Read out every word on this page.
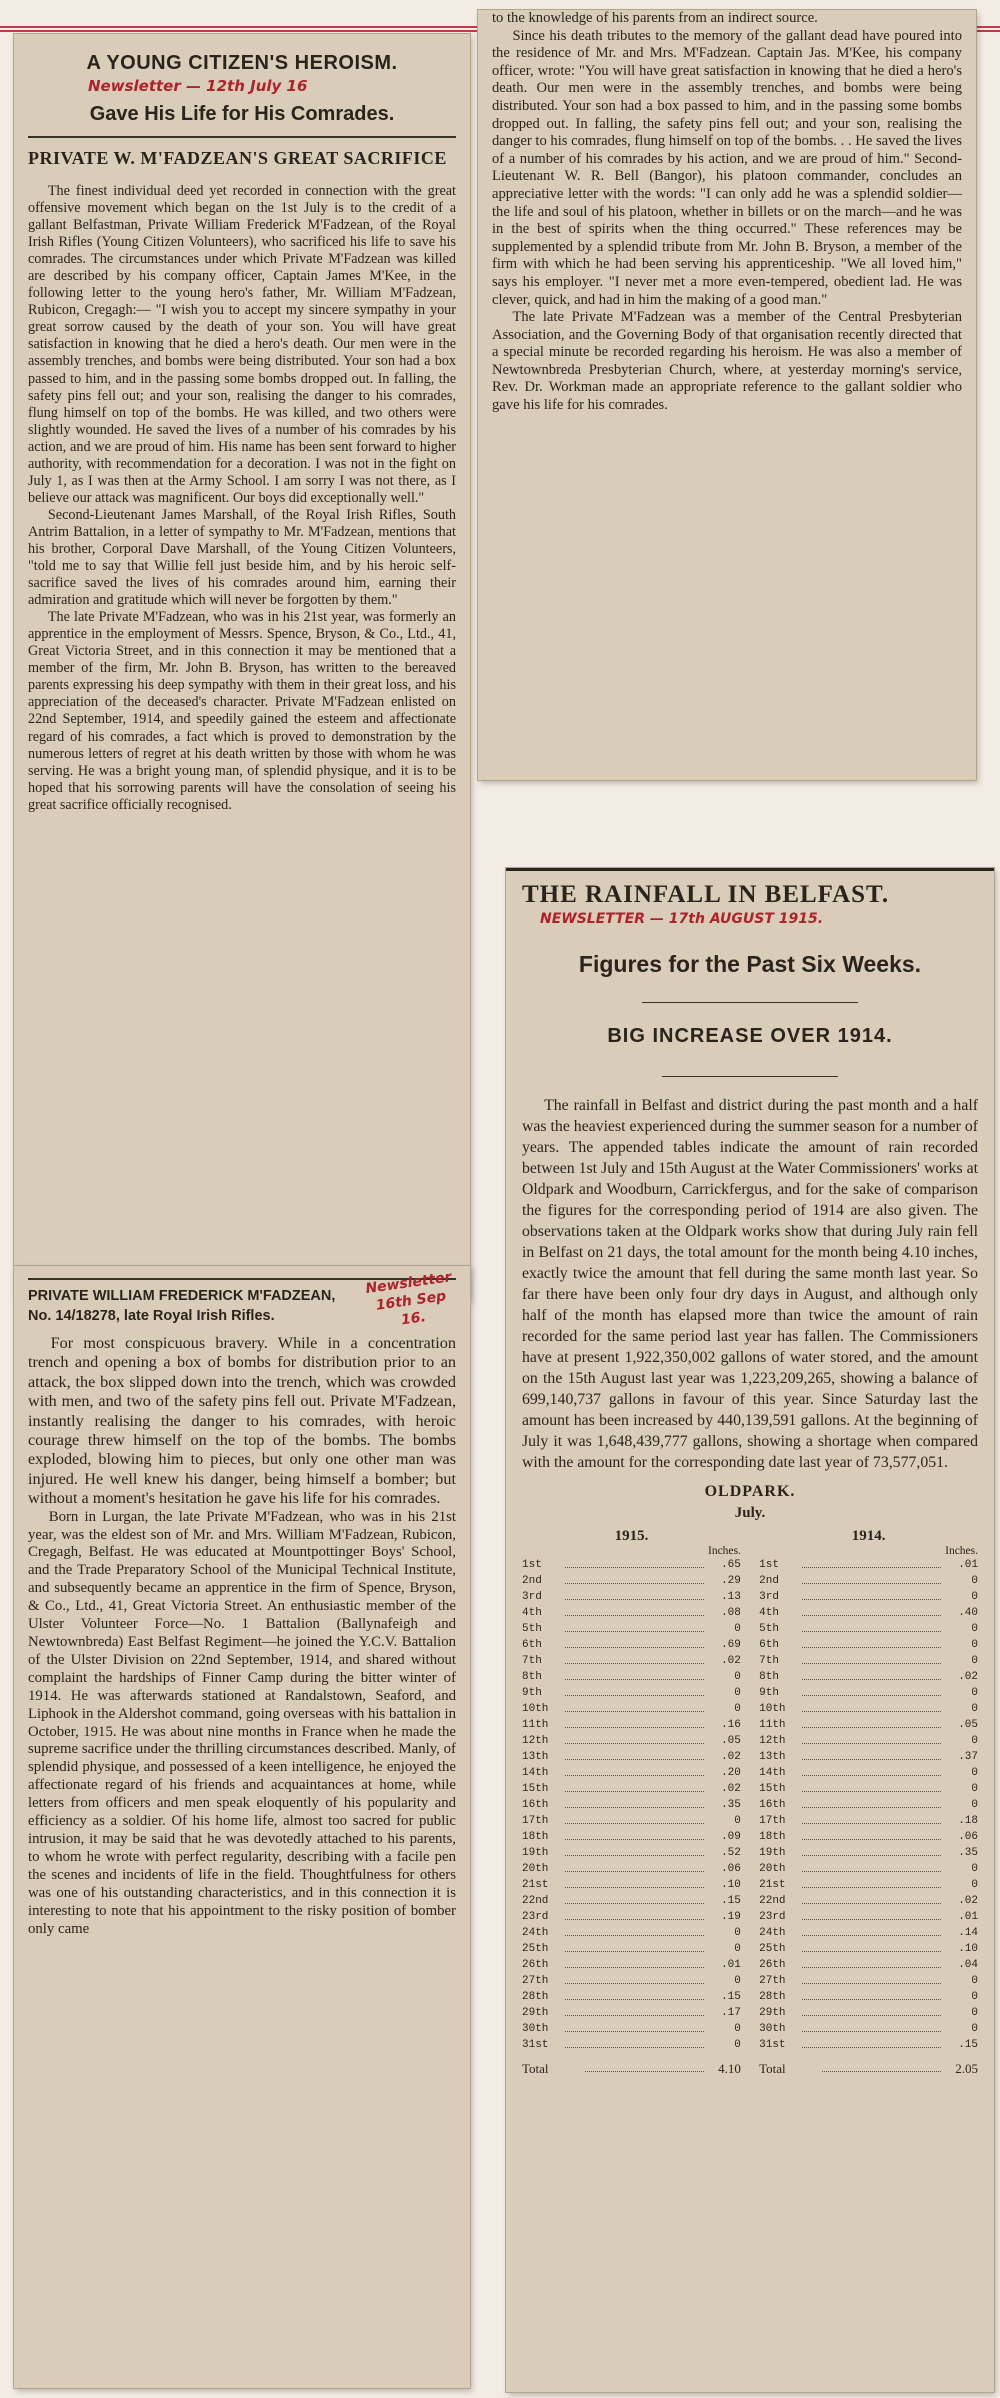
A YOUNG CITIZEN'S HEROISM.
Newsletter — 12th July 16
Gave His Life for His Comrades.
PRIVATE W. M'FADZEAN'S GREAT SACRIFICE

The finest individual deed yet recorded in connection with the great offensive movement which began on the 1st July is to the credit of a gallant Belfastman, Private William Frederick M'Fadzean, of the Royal Irish Rifles (Young Citizen Volunteers), who sacrificed his life to save his comrades. The circumstances under which Private M'Fadzean was killed are described by his company officer, Captain James M'Kee, in the following letter to the young hero's father, Mr. William M'Fadzean, Rubicon, Cregagh:— "I wish you to accept my sincere sympathy in your great sorrow caused by the death of your son. You will have great satisfaction in knowing that he died a hero's death. Our men were in the assembly trenches, and bombs were being distributed. Your son had a box passed to him, and in the passing some bombs dropped out. In falling, the safety pins fell out; and your son, realising the danger to his comrades, flung himself on top of the bombs. He was killed, and two others were slightly wounded. He saved the lives of a number of his comrades by his action, and we are proud of him. His name has been sent forward to higher authority, with recommendation for a decoration. I was not in the fight on July 1, as I was then at the Army School. I am sorry I was not there, as I believe our attack was magnificent. Our boys did exceptionally well."

Second-Lieutenant James Marshall, of the Royal Irish Rifles, South Antrim Battalion, in a letter of sympathy to Mr. M'Fadzean, mentions that his brother, Corporal Dave Marshall, of the Young Citizen Volunteers, "told me to say that Willie fell just beside him, and by his heroic self-sacrifice saved the lives of his comrades around him, earning their admiration and gratitude which will never be forgotten by them."

The late Private M'Fadzean, who was in his 21st year, was formerly an apprentice in the employment of Messrs. Spence, Bryson, & Co., Ltd., 41, Great Victoria Street, and in this connection it may be mentioned that a member of the firm, Mr. John B. Bryson, has written to the bereaved parents expressing his deep sympathy with them in their great loss, and his appreciation of the deceased's character. Private M'Fadzean enlisted on 22nd September, 1914, and speedily gained the esteem and affectionate regard of his comrades, a fact which is proved to demonstration by the numerous letters of regret at his death written by those with whom he was serving. He was a bright young man, of splendid physique, and it is to be hoped that his sorrowing parents will have the consolation of seeing his great sacrifice officially recognised.

to the knowledge of his parents from an indirect source.

Since his death tributes to the memory of the gallant dead have poured into the residence of Mr. and Mrs. M'Fadzean. Captain Jas. M'Kee, his company officer, wrote: "You will have great satisfaction in knowing that he died a hero's death. Our men were in the assembly trenches, and bombs were being distributed. Your son had a box passed to him, and in the passing some bombs dropped out. In falling, the safety pins fell out; and your son, realising the danger to his comrades, flung himself on top of the bombs. . . He saved the lives of a number of his comrades by his action, and we are proud of him." Second-Lieutenant W. R. Bell (Bangor), his platoon commander, concludes an appreciative letter with the words: "I can only add he was a splendid soldier—the life and soul of his platoon, whether in billets or on the march—and he was in the best of spirits when the thing occurred." These references may be supplemented by a splendid tribute from Mr. John B. Bryson, a member of the firm with which he had been serving his apprenticeship. "We all loved him," says his employer. "I never met a more even-tempered, obedient lad. He was clever, quick, and had in him the making of a good man."

The late Private M'Fadzean was a member of the Central Presbyterian Association, and the Governing Body of that organisation recently directed that a special minute be recorded regarding his heroism. He was also a member of Newtownbreda Presbyterian Church, where, at yesterday morning's service, Rev. Dr. Workman made an appropriate reference to the gallant soldier who gave his life for his comrades.

PRIVATE WILLIAM FREDERICK M'FADZEAN,
No. 14/18278, late Royal Irish Rifles.
Newsletter 16th Sep 16.

For most conspicuous bravery. While in a concentration trench and opening a box of bombs for distribution prior to an attack, the box slipped down into the trench, which was crowded with men, and two of the safety pins fell out. Private M'Fadzean, instantly realising the danger to his comrades, with heroic courage threw himself on the top of the bombs. The bombs exploded, blowing him to pieces, but only one other man was injured. He well knew his danger, being himself a bomber; but without a moment's hesitation he gave his life for his comrades.

Born in Lurgan, the late Private M'Fadzean, who was in his 21st year, was the eldest son of Mr. and Mrs. William M'Fadzean, Rubicon, Cregagh, Belfast. He was educated at Mountpottinger Boys' School, and the Trade Preparatory School of the Municipal Technical Institute, and subsequently became an apprentice in the firm of Spence, Bryson, & Co., Ltd., 41, Great Victoria Street. An enthusiastic member of the Ulster Volunteer Force—No. 1 Battalion (Ballynafeigh and Newtownbreda) East Belfast Regiment—he joined the Y.C.V. Battalion of the Ulster Division on 22nd September, 1914, and shared without complaint the hardships of Finner Camp during the bitter winter of 1914. He was afterwards stationed at Randalstown, Seaford, and Liphook in the Aldershot command, going overseas with his battalion in October, 1915. He was about nine months in France when he made the supreme sacrifice under the thrilling circumstances described. Manly, of splendid physique, and possessed of a keen intelligence, he enjoyed the affectionate regard of his friends and acquaintances at home, while letters from officers and men speak eloquently of his popularity and efficiency as a soldier. Of his home life, almost too sacred for public intrusion, it may be said that he was devotedly attached to his parents, to whom he wrote with perfect regularity, describing with a facile pen the scenes and incidents of life in the field. Thoughtfulness for others was one of his outstanding characteristics, and in this connection it is interesting to note that his appointment to the risky position of bomber only came

THE RAINFALL IN BELFAST.
NEWSLETTER — 17th AUGUST 1915.
Figures for the Past Six Weeks.
BIG INCREASE OVER 1914.

The rainfall in Belfast and district during the past month and a half was the heaviest experienced during the summer season for a number of years. The appended tables indicate the amount of rain recorded between 1st July and 15th August at the Water Commissioners' works at Oldpark and Woodburn, Carrickfergus, and for the sake of comparison the figures for the corresponding period of 1914 are also given. The observations taken at the Oldpark works show that during July rain fell in Belfast on 21 days, the total amount for the month being 4.10 inches, exactly twice the amount that fell during the same month last year. So far there have been only four dry days in August, and although only half of the month has elapsed more than twice the amount of rain recorded for the same period last year has fallen. The Commissioners have at present 1,922,350,002 gallons of water stored, and the amount on the 15th August last year was 1,223,209,265, showing a balance of 699,140,737 gallons in favour of this year. Since Saturday last the amount has been increased by 440,139,591 gallons. At the beginning of July it was 1,648,439,777 gallons, showing a shortage when compared with the amount for the corresponding date last year of 73,577,051.

OLDPARK.
July.
1915.
Inches.
1st	.65
2nd	.29
3rd	.13
4th	.08
5th	0
6th	.69
7th	.02
8th	0
9th	0
10th	0
11th	.16
12th	.05
13th	.02
14th	.20
15th	.02
16th	.35
17th	0
18th	.09
19th	.52
20th	.06
21st	.10
22nd	.15
23rd	.19
24th	0
25th	0
26th	.01
27th	0
28th	.15
29th	.17
30th	0
31st	0
Total	4.10
1914.
Inches.
1st	.01
2nd	0
3rd	0
4th	.40
5th	0
6th	0
7th	0
8th	.02
9th	0
10th	0
11th	.05
12th	0
13th	.37
14th	0
15th	0
16th	0
17th	.18
18th	.06
19th	.35
20th	0
21st	0
22nd	.02
23rd	.01
24th	.14
25th	.10
26th	.04
27th	0
28th	0
29th	0
30th	0
31st	.15
Total	2.05
